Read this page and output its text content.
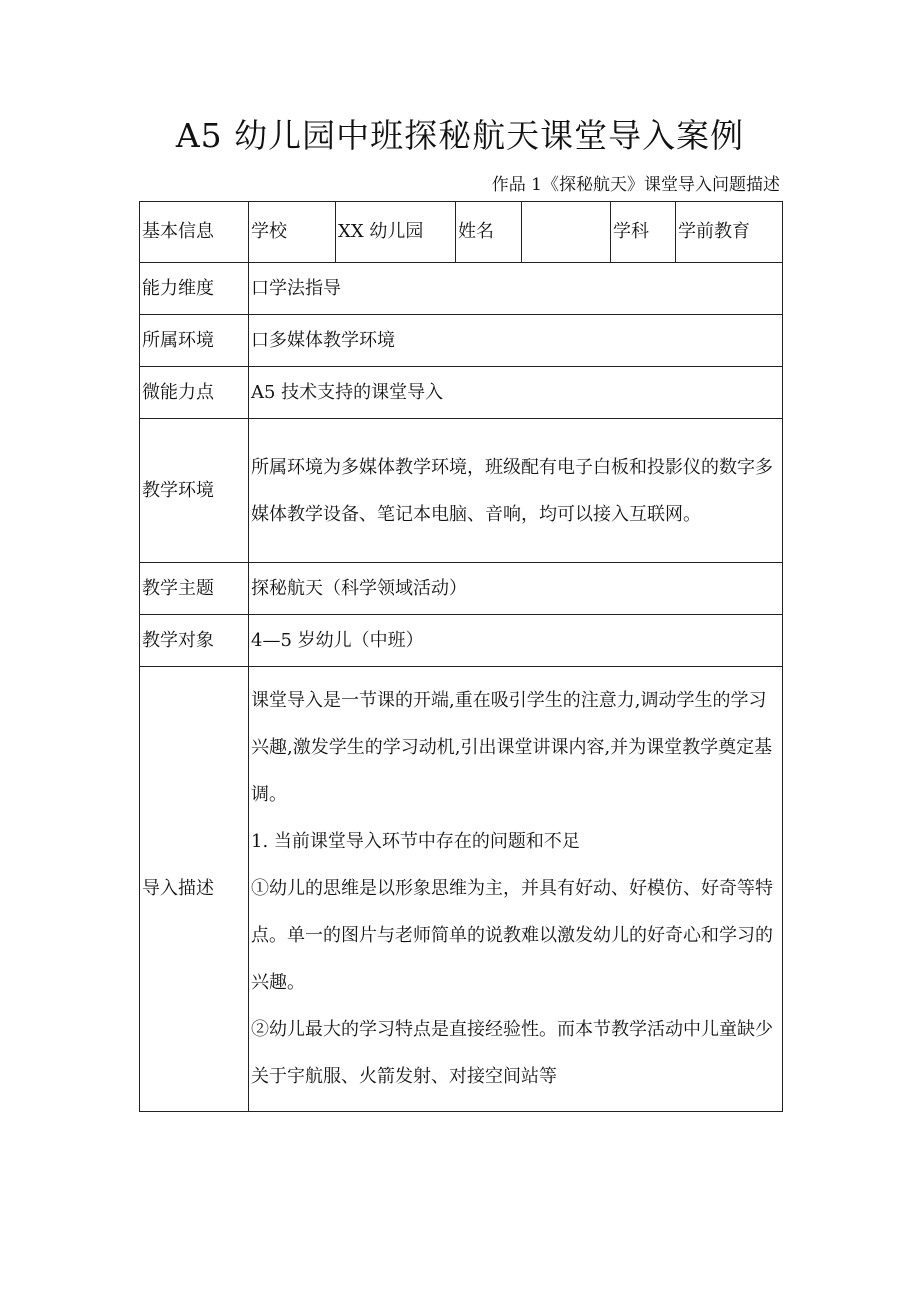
A5 幼儿园中班探秘航天课堂导入案例
作品 1《探秘航天》课堂导入问题描述
基本信息	学校	XX 幼儿园	姓名		学科	学前教育
能力维度	口学法指导					
所属环境	口多媒体教学环境					
微能力点	A5 技术支持的课堂导入					
教学环境	所属环境为多媒体教学环境，班级配有电子白板和投影仪的数字多媒体教学设备、笔记本电脑、音响，均可以接入互联网。					
教学主题	探秘航天（科学领域活动）					
教学对象	4—5 岁幼儿（中班）					
导入描述	课堂导入是一节课的开端,重在吸引学生的注意力,调动学生的学习兴趣,激发学生的学习动机,引出课堂讲课内容,并为课堂教学奠定基调。

1. 当前课堂导入环节中存在的问题和不足

①幼儿的思维是以形象思维为主，并具有好动、好模仿、好奇等特点。单一的图片与老师简单的说教难以激发幼儿的好奇心和学习的兴趣。

②幼儿最大的学习特点是直接经验性。而本节教学活动中儿童缺少关于宇航服、火箭发射、对接空间站等					
